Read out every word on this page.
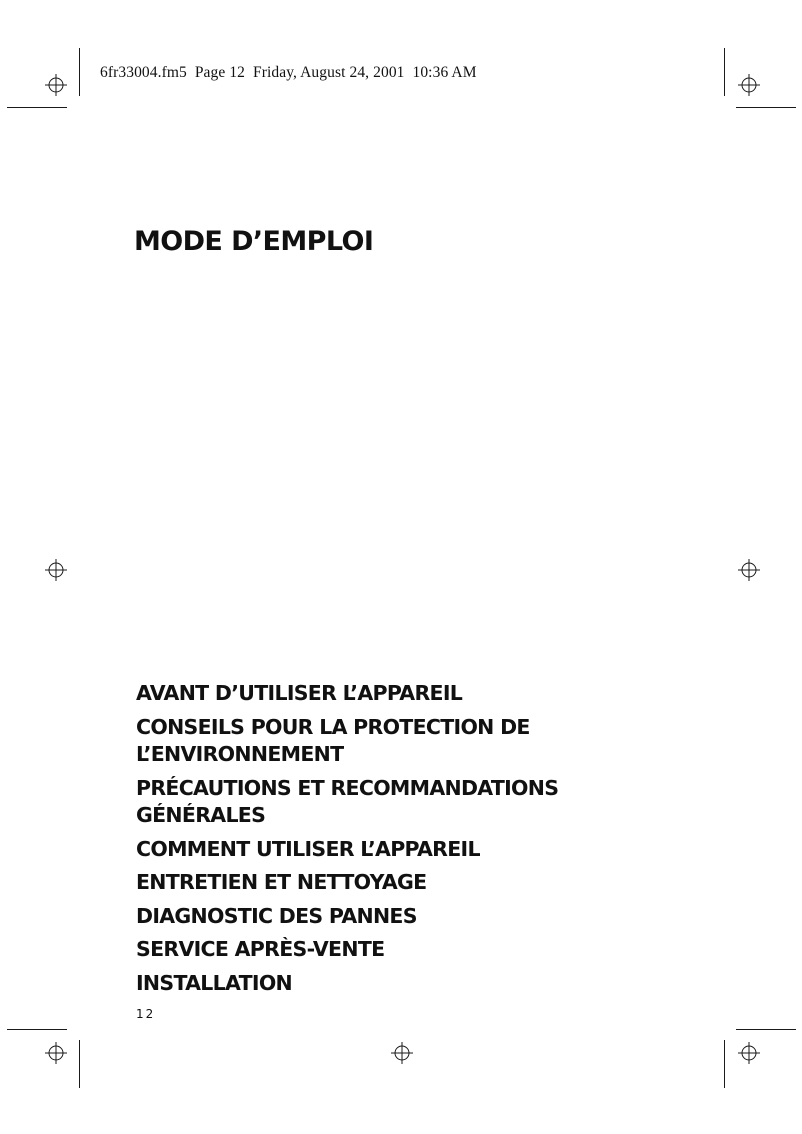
6fr33004.fm5  Page 12  Friday, August 24, 2001  10:36 AM
MODE D’EMPLOI
AVANT D’UTILISER L’APPAREIL
CONSEILS POUR LA PROTECTION DE
L’ENVIRONNEMENT
PRÉCAUTIONS ET RECOMMANDATIONS
GÉNÉRALES
COMMENT UTILISER L’APPAREIL
ENTRETIEN ET NETTOYAGE
DIAGNOSTIC DES PANNES
SERVICE APRÈS-VENTE
INSTALLATION
12
